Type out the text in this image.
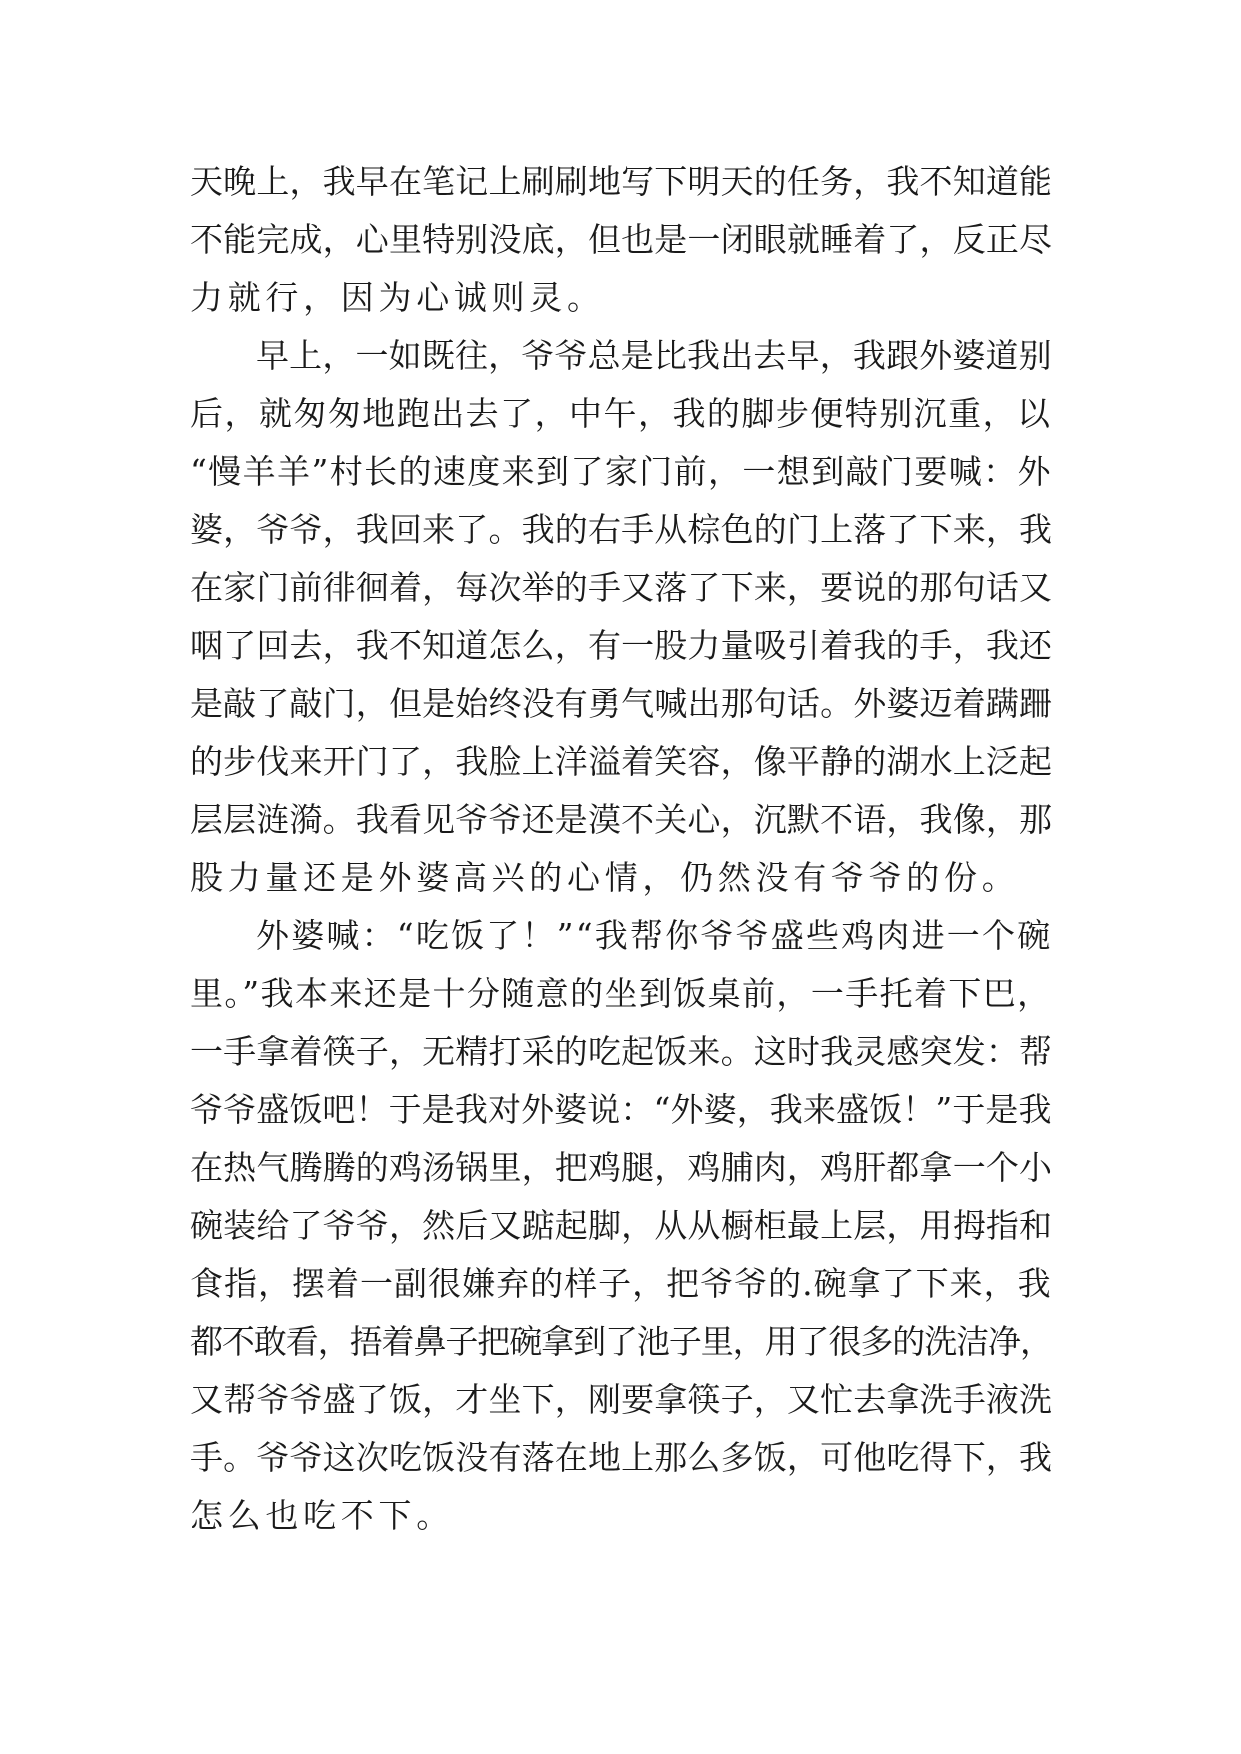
天晚上，我早在笔记上刷刷地写下明天的任务，我不知道能
不能完成，心里特别没底，但也是一闭眼就睡着了，反正尽
力就行，因为心诚则灵。
早上，一如既往，爷爷总是比我出去早，我跟外婆道别
后，就匆匆地跑出去了，中午，我的脚步便特别沉重，以
“慢羊羊”村长的速度来到了家门前，一想到敲门要喊：外
婆，爷爷，我回来了。我的右手从棕色的门上落了下来，我
在家门前徘徊着，每次举的手又落了下来，要说的那句话又
咽了回去，我不知道怎么，有一股力量吸引着我的手，我还
是敲了敲门，但是始终没有勇气喊出那句话。外婆迈着蹒跚
的步伐来开门了，我脸上洋溢着笑容，像平静的湖水上泛起
层层涟漪。我看见爷爷还是漠不关心，沉默不语，我像，那
股力量还是外婆高兴的心情，仍然没有爷爷的份。
外婆喊：“吃饭了！”“我帮你爷爷盛些鸡肉进一个碗
里。”我本来还是十分随意的坐到饭桌前，一手托着下巴，
一手拿着筷子，无精打采的吃起饭来。这时我灵感突发：帮
爷爷盛饭吧！于是我对外婆说：“外婆，我来盛饭！”于是我
在热气腾腾的鸡汤锅里，把鸡腿，鸡脯肉，鸡肝都拿一个小
碗装给了爷爷，然后又踮起脚，从从橱柜最上层，用拇指和
食指，摆着一副很嫌弃的样子，把爷爷的.碗拿了下来，我
都不敢看，捂着鼻子把碗拿到了池子里，用了很多的洗洁净，
又帮爷爷盛了饭，才坐下，刚要拿筷子，又忙去拿洗手液洗
手。爷爷这次吃饭没有落在地上那么多饭，可他吃得下，我
怎么也吃不下。
